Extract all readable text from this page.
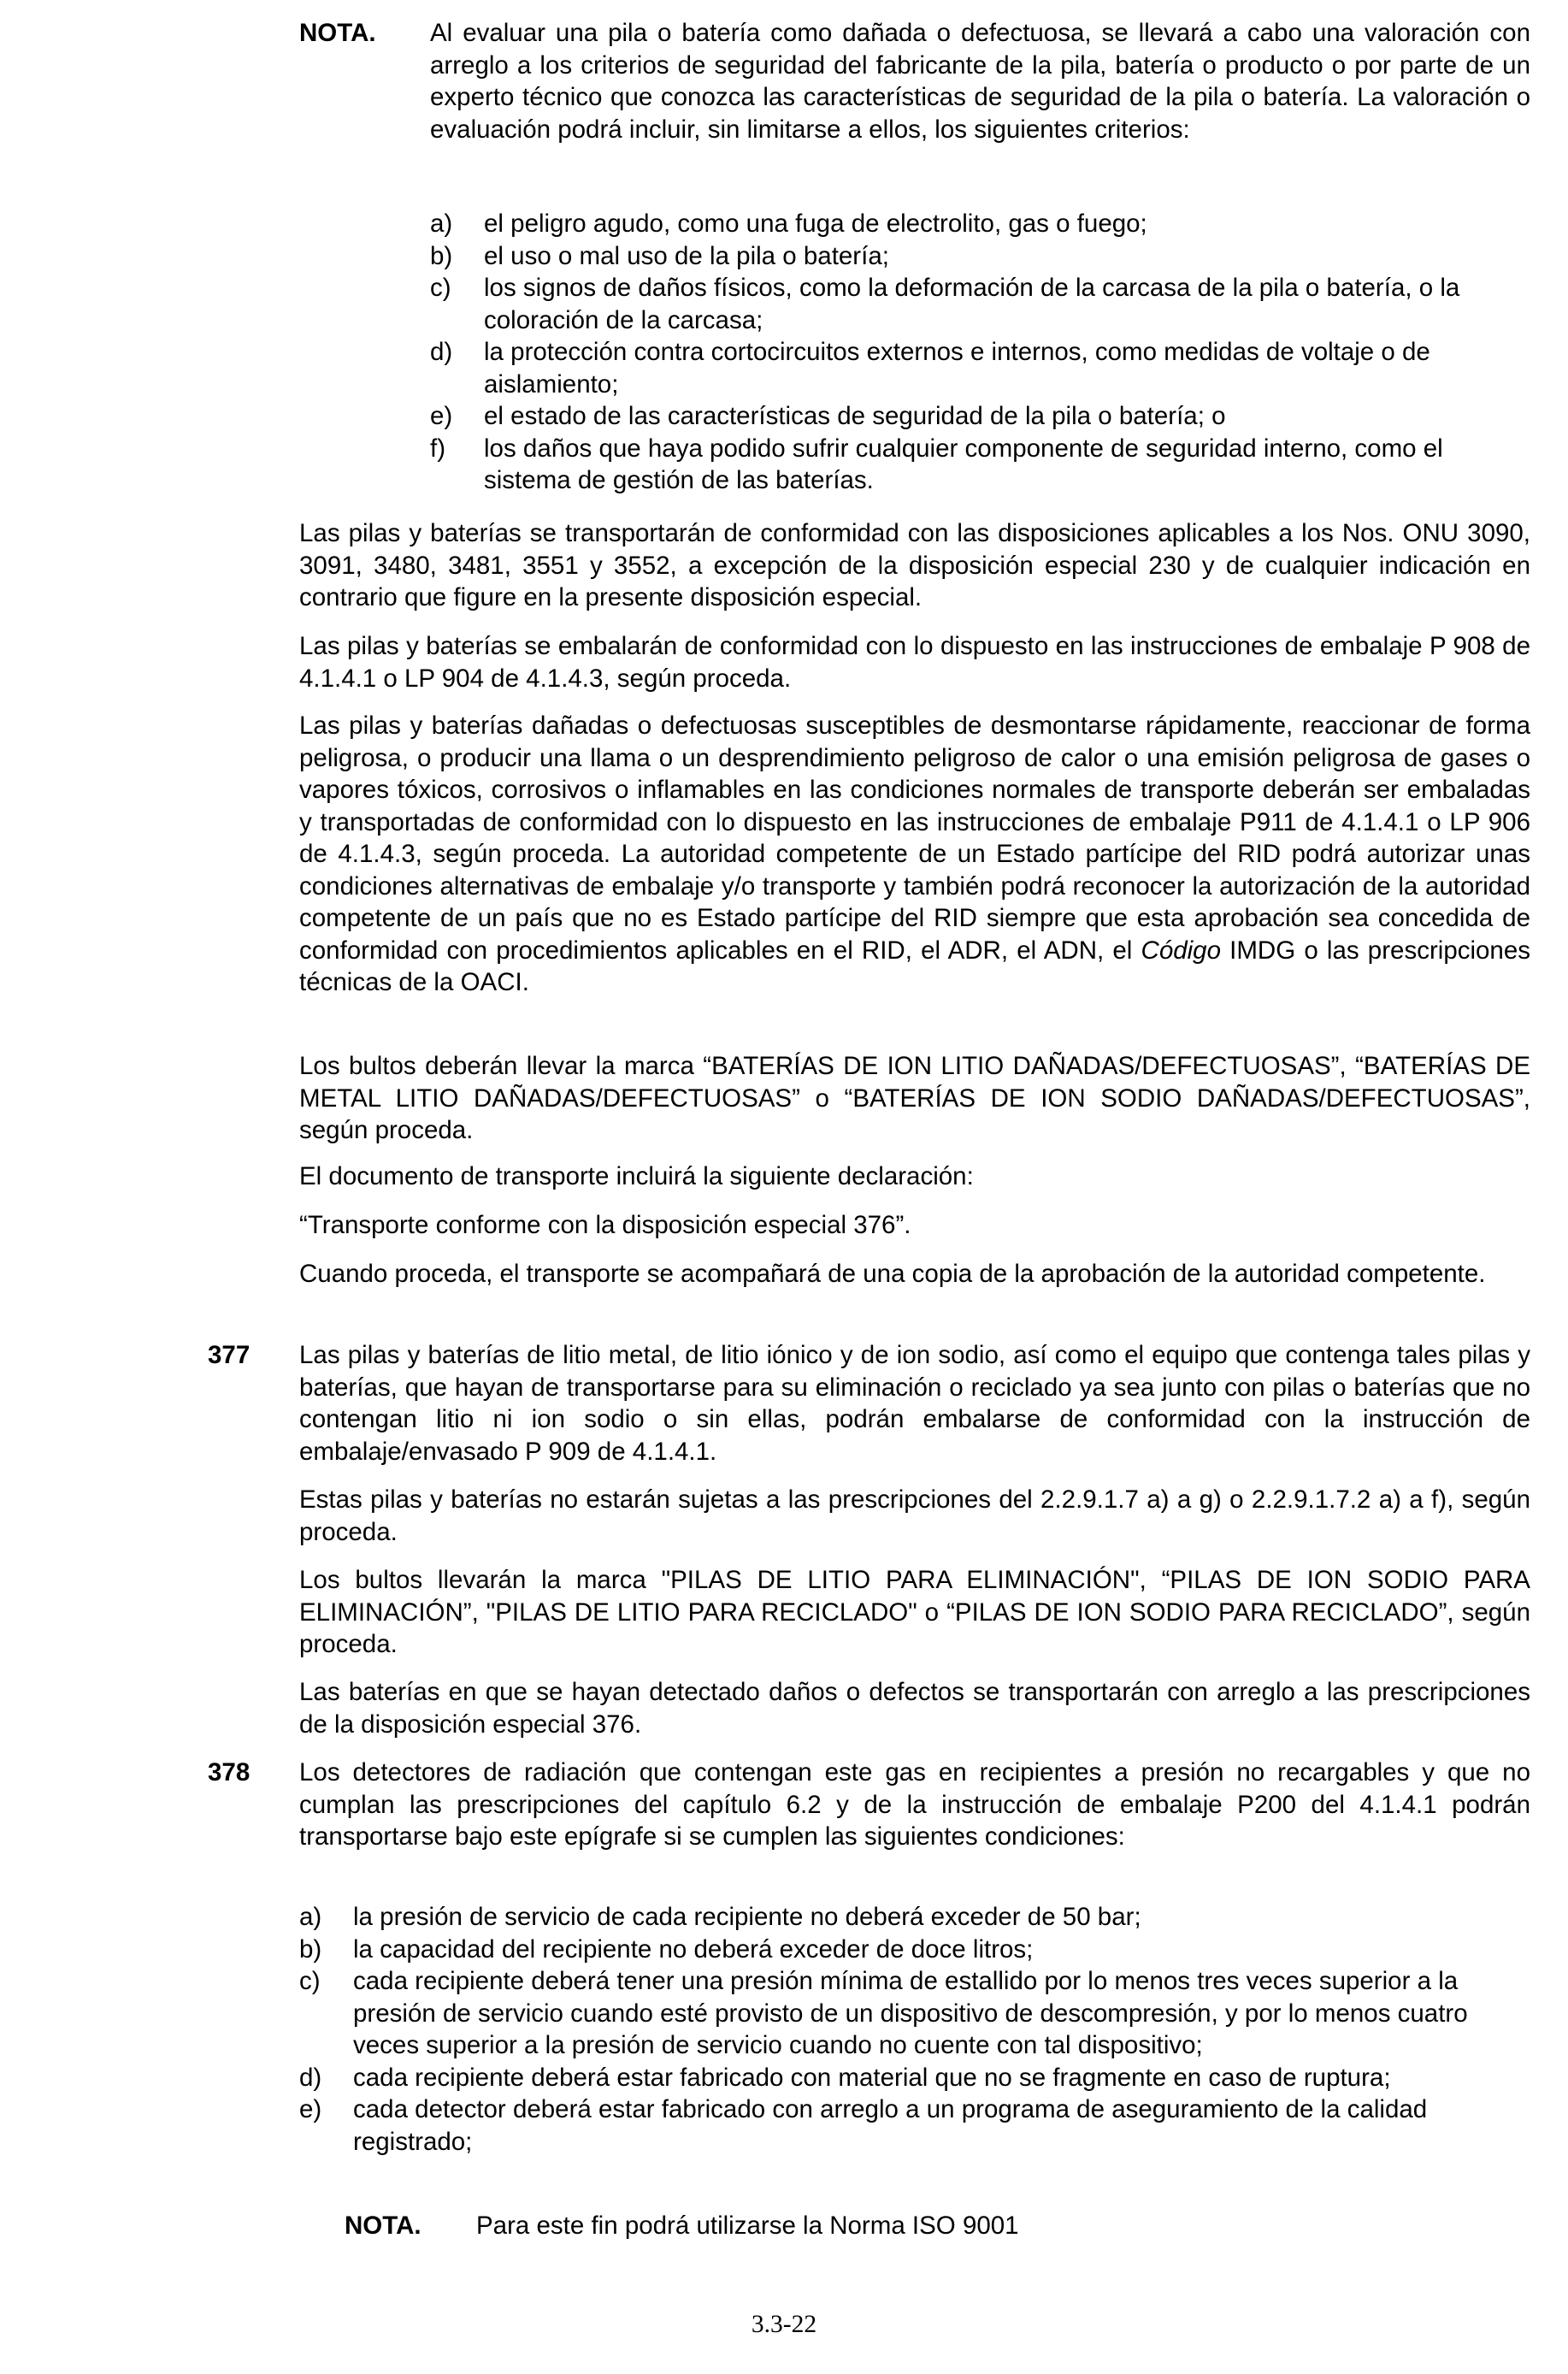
NOTA. Al evaluar una pila o batería como dañada o defectuosa, se llevará a cabo una valoración con arreglo a los criterios de seguridad del fabricante de la pila, batería o producto o por parte de un experto técnico que conozca las características de seguridad de la pila o batería. La valoración o evaluación podrá incluir, sin limitarse a ellos, los siguientes criterios:

a) el peligro agudo, como una fuga de electrolito, gas o fuego;
b) el uso o mal uso de la pila o batería;
c) los signos de daños físicos, como la deformación de la carcasa de la pila o batería, o la coloración de la carcasa;
d) la protección contra cortocircuitos externos e internos, como medidas de voltaje o de aislamiento;
e) el estado de las características de seguridad de la pila o batería; o
f) los daños que haya podido sufrir cualquier componente de seguridad interno, como el sistema de gestión de las baterías.

Las pilas y baterías se transportarán de conformidad con las disposiciones aplicables a los Nos. ONU 3090, 3091, 3480, 3481, 3551 y 3552, a excepción de la disposición especial 230 y de cualquier indicación en contrario que figure en la presente disposición especial.

Las pilas y baterías se embalarán de conformidad con lo dispuesto en las instrucciones de embalaje P 908 de 4.1.4.1 o LP 904 de 4.1.4.3, según proceda.

Las pilas y baterías dañadas o defectuosas susceptibles de desmontarse rápidamente, reaccionar de forma peligrosa, o producir una llama o un desprendimiento peligroso de calor o una emisión peligrosa de gases o vapores tóxicos, corrosivos o inflamables en las condiciones normales de transporte deberán ser embaladas y transportadas de conformidad con lo dispuesto en las instrucciones de embalaje P911 de 4.1.4.1 o LP 906 de 4.1.4.3, según proceda. La autoridad competente de un Estado partícipe del RID podrá autorizar unas condiciones alternativas de embalaje y/o transporte y también podrá reconocer la autorización de la autoridad competente de un país que no es Estado partícipe del RID siempre que esta aprobación sea concedida de conformidad con procedimientos aplicables en el RID, el ADR, el ADN, el Código IMDG o las prescripciones técnicas de la OACI.

Los bultos deberán llevar la marca “BATERÍAS DE ION LITIO DAÑADAS/DEFECTUOSAS”, “BATERÍAS DE METAL LITIO DAÑADAS/DEFECTUOSAS” o “BATERÍAS DE ION SODIO DAÑADAS/DEFECTUOSAS”, según proceda.

El documento de transporte incluirá la siguiente declaración:

“Transporte conforme con la disposición especial 376”.

Cuando proceda, el transporte se acompañará de una copia de la aprobación de la autoridad competente.

377 Las pilas y baterías de litio metal, de litio iónico y de ion sodio, así como el equipo que contenga tales pilas y baterías, que hayan de transportarse para su eliminación o reciclado ya sea junto con pilas o baterías que no contengan litio ni ion sodio o sin ellas, podrán embalarse de conformidad con la instrucción de embalaje/envasado P 909 de 4.1.4.1.

Estas pilas y baterías no estarán sujetas a las prescripciones del 2.2.9.1.7 a) a g) o 2.2.9.1.7.2 a) a f), según proceda.

Los bultos llevarán la marca "PILAS DE LITIO PARA ELIMINACIÓN", “PILAS DE ION SODIO PARA ELIMINACIÓN”, "PILAS DE LITIO PARA RECICLADO" o “PILAS DE ION SODIO PARA RECICLADO”, según proceda.

Las baterías en que se hayan detectado daños o defectos se transportarán con arreglo a las prescripciones de la disposición especial 376.

378 Los detectores de radiación que contengan este gas en recipientes a presión no recargables y que no cumplan las prescripciones del capítulo 6.2 y de la instrucción de embalaje P200 del 4.1.4.1 podrán transportarse bajo este epígrafe si se cumplen las siguientes condiciones:

a) la presión de servicio de cada recipiente no deberá exceder de 50 bar;
b) la capacidad del recipiente no deberá exceder de doce litros;
c) cada recipiente deberá tener una presión mínima de estallido por lo menos tres veces superior a la presión de servicio cuando esté provisto de un dispositivo de descompresión, y por lo menos cuatro veces superior a la presión de servicio cuando no cuente con tal dispositivo;
d) cada recipiente deberá estar fabricado con material que no se fragmente en caso de ruptura;
e) cada detector deberá estar fabricado con arreglo a un programa de aseguramiento de la calidad registrado;
NOTA. Para este fin podrá utilizarse la Norma ISO 9001
3.3-22
